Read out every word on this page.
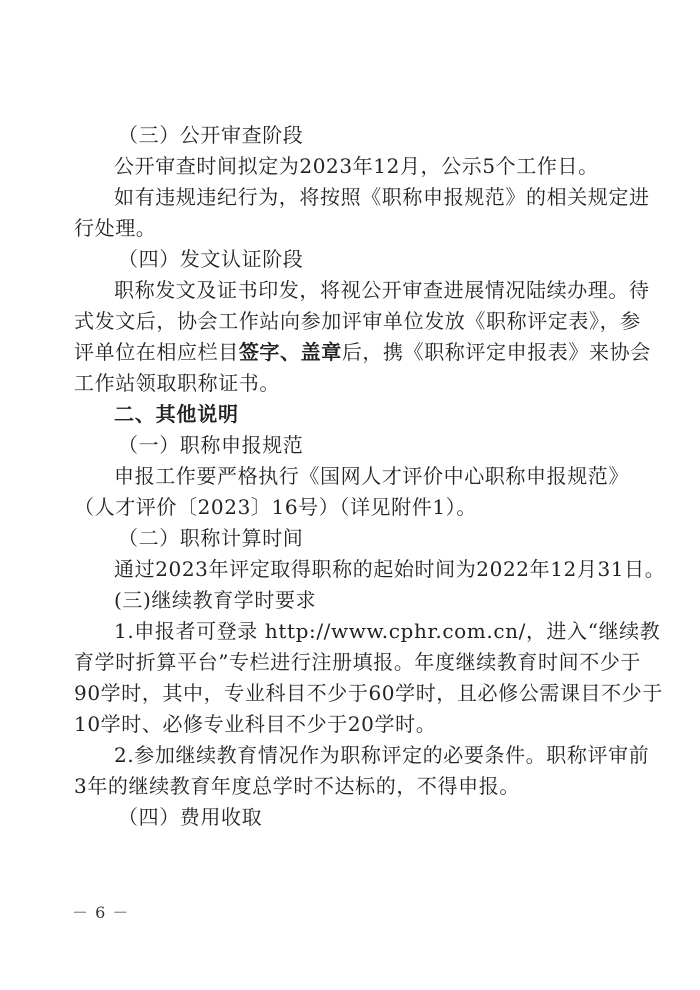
（三）公开审查阶段
公开审查时间拟定为2023年12月，公示5个工作日。
如有违规违纪行为，将按照《职称申报规范》的相关规定进
行处理。
（四）发文认证阶段
职称发文及证书印发，将视公开审查进展情况陆续办理。待
式发文后，协会工作站向参加评审单位发放《职称评定表》，参
评单位在相应栏目签字、盖章后，携《职称评定申报表》来协会
工作站领取职称证书。
二、其他说明
（一）职称申报规范
申报工作要严格执行《国网人才评价中心职称申报规范》
（人才评价〔2023〕16号）（详见附件1）。
（二）职称计算时间
通过2023年评定取得职称的起始时间为2022年12月31日。
(三)继续教育学时要求
1.申报者可登录 http://www.cphr.com.cn/，进入“继续教
育学时折算平台”专栏进行注册填报。年度继续教育时间不少于
90学时，其中，专业科目不少于60学时，且必修公需课目不少于
10学时、必修专业科目不少于20学时。
2.参加继续教育情况作为职称评定的必要条件。职称评审前
3年的继续教育年度总学时不达标的，不得申报。
（四）费用收取
－ 6 －
